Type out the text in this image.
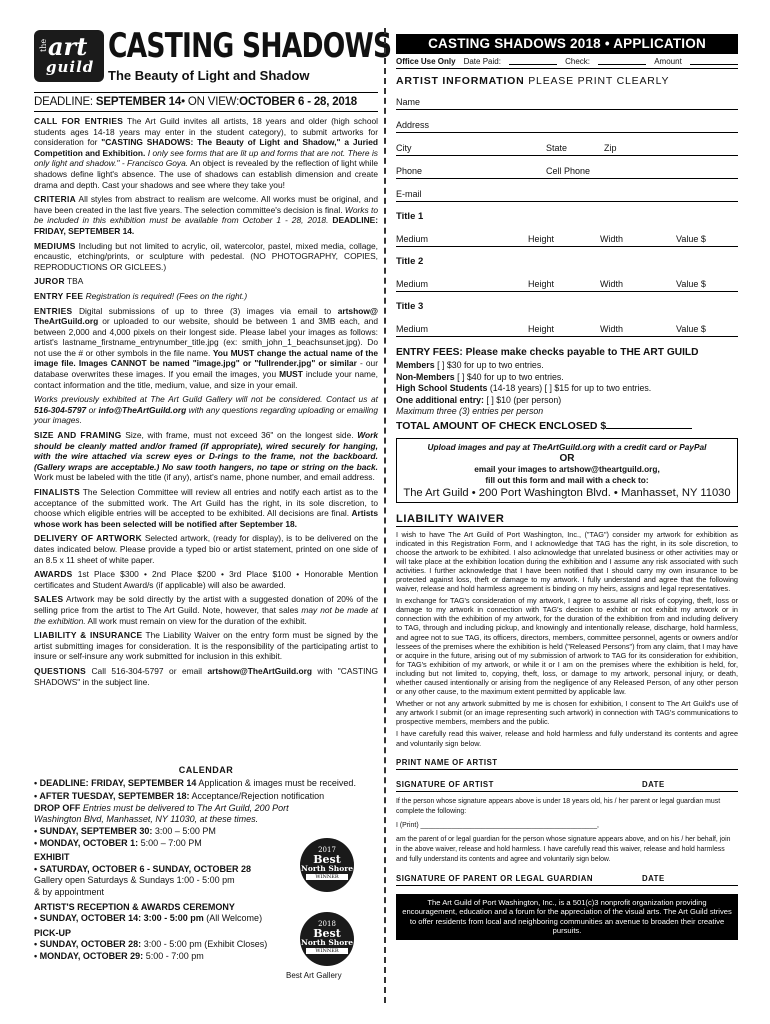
the art
guild
CASTING SHADOWS
The Beauty of Light and Shadow
DEADLINE:
SEPTEMBER 14 • ON VIEW: OCTOBER 6 - 28, 2018

CALL FOR ENTRIES The Art Guild invites all artists, 18 years and older (high school students ages 14-18 years may enter in the student category), to submit artworks for consideration for "CASTING SHADOWS: The Beauty of Light and Shadow," a Juried Competition and Exhibition. I only see forms that are lit up and forms that are not. There is only light and shadow." - Francisco Goya. An object is revealed by the reflection of light while shadows define light's absence. The use of shadows can establish dimension and create drama and depth. Cast your shadows and see where they take you!

CRITERIA All styles from abstract to realism are welcome. All works must be original, and have been created in the last five years. The selection committee's decision is final. Works to be included in this exhibition must be available from October 1 - 28, 2018. DEADLINE: FRIDAY, SEPTEMBER 14.

MEDIUMS Including but not limited to acrylic, oil, watercolor, pastel, mixed media, collage, encaustic, etching/prints, or sculpture with pedestal. (NO PHOTOGRAPHY, COPIES, REPRODUCTIONS OR GICLEES.)

JUROR TBA

ENTRY FEE Registration is required! (Fees on the right.)

ENTRIES Digital submissions of up to three (3) images via email to artshow@ TheArtGuild.org or uploaded to our website, should be between 1 and 3MB each, and between 2,000 and 4,000 pixels on their longest side. Please label your images as follows: artist's lastname_firstname_entrynumber_title.jpg (ex: smith_john_1_beachsunset.jpg). Do not use the # or other symbols in the file name. You MUST change the actual name of the image file. Images CANNOT be named "image.jpg" or "fullrender.jpg" or similar - our database overwrites these images. If you email the images, you MUST include your name, contact information and the title, medium, value, and size in your email.

Works previously exhibited at The Art Guild Gallery will not be considered. Contact us at 516-304-5797 or info@TheArtGuild.org with any questions regarding uploading or emailing your images.

SIZE AND FRAMING Size, with frame, must not exceed 36" on the longest side. Work should be cleanly matted and/or framed (if appropriate), wired securely for hanging, with the wire attached via screw eyes or D-rings to the frame, not the backboard. (Gallery wraps are acceptable.) No saw tooth hangers, no tape or string on the back. Work must be labeled with the title (if any), artist's name, phone number, and email address.

FINALISTS The Selection Committee will review all entries and notify each artist as to the acceptance of the submitted work. The Art Guild has the right, in its sole discretion, to choose which eligible entries will be accepted to be exhibited. All decisions are final. Artists whose work has been selected will be notified after September 18.

DELIVERY OF ARTWORK Selected artwork, (ready for display), is to be delivered on the dates indicated below. Please provide a typed bio or artist statement, printed on one side of an 8.5 x 11 sheet of white paper.

AWARDS 1st Place $300 • 2nd Place $200 • 3rd Place $100 • Honorable Mention certificates and Student Award/s (if applicable) will also be awarded.

SALES Artwork may be sold directly by the artist with a suggested donation of 20% of the selling price from the artist to The Art Guild. Note, however, that sales may not be made at the exhibition. All work must remain on view for the duration of the exhibit.

LIABILITY & INSURANCE The Liability Waiver on the entry form must be signed by the artist submitting images for consideration. It is the responsibility of the participating artist to insure or self-insure any work submitted for inclusion in this exhibit.

QUESTIONS Call 516-304-5797 or email artshow@TheArtGuild.org with "CASTING SHADOWS" in the subject line.

CALENDAR
• DEADLINE: FRIDAY, SEPTEMBER 14 Application & images must be received.
• AFTER TUESDAY, SEPTEMBER 18: Acceptance/Rejection notification
DROP OFF Entries must be delivered to The Art Guild, 200 Port Washington Blvd, Manhasset, NY 11030, at these times.
• SUNDAY, SEPTEMBER 30: 3:00 – 5:00 PM
• MONDAY, OCTOBER 1: 5:00 – 7:00 PM
EXHIBIT
• SATURDAY, OCTOBER 6 - SUNDAY, OCTOBER 28
Gallery open Saturdays & Sundays 1:00 - 5:00 pm
& by appointment
ARTIST'S RECEPTION & AWARDS CEREMONY
• SUNDAY, OCTOBER 14: 3:00 - 5:00 pm (All Welcome)
PICK-UP
• SUNDAY, OCTOBER 28: 3:00 - 5:00 pm (Exhibit Closes)
• MONDAY, OCTOBER 29: 5:00 - 7:00 pm
2017
Best
North Shore
WINNER
2018
Best
North Shore
WINNER
Best Art Gallery
CASTING SHADOWS 2018 • APPLICATION
Office Use Only Date Paid:	Check:	Amount
ARTIST INFORMATION PLEASE PRINT CLEARLY
Name
Address
City	State	Zip
Phone	Cell Phone
E-mail
Title 1
Medium	Height	Width	Value $
Title 2
Medium	Height	Width	Value $
Title 3
Medium	Height	Width	Value $
ENTRY FEES: Please make checks payable to THE ART GUILD
Members [ ] $30 for up to two entries.
Non-Members [ ] $40 for up to two entries.
High School Students (14-18 years) [ ] $15 for up to two entries.
One additional entry: [ ] $10 (per person)
Maximum three (3) entries per person
TOTAL AMOUNT OF CHECK ENCLOSED $
Upload images and pay at TheArtGuild.org with a credit card or PayPal
OR
email your images to artshow@theartguild.org,
fill out this form and mail with a check to:
The Art Guild • 200 Port Washington Blvd. • Manhasset, NY 11030
LIABILITY WAIVER

I wish to have The Art Guild of Port Washington, Inc., ("TAG") consider my artwork for exhibition as indicated in this Registration Form, and I acknowledge that TAG has the right, in its sole discretion, to choose the artwork to be exhibited. I also acknowledge that unrelated business or other activities may or will take place at the exhibition location during the exhibition and I assume any risk associated with such activities. I further acknowledge that I have been notified that I should carry my own insurance to be protected against loss, theft or damage to my artwork. I fully understand and agree that the following waiver, release and hold harmless agreement is binding on my heirs, assigns and legal representatives.

In exchange for TAG's consideration of my artwork, I agree to assume all risks of copying, theft, loss or damage to my artwork in connection with TAG's decision to exhibit or not exhibit my artwork or in connection with the exhibition of my artwork, for the duration of the exhibition from and including delivery to TAG, through and including pickup, and knowingly and intentionally release, discharge, hold harmless, and agree not to sue TAG, its officers, directors, members, committee personnel, agents or owners and/or lessees of the premises where the exhibition is held ("Released Persons") from any claim, that I may have or acquire in the future, arising out of my submission of artwork to TAG for its consideration for exhibition, for TAG's exhibition of my artwork, or while it or I am on the premises where the exhibition is held, for, including but not limited to, copying, theft, loss, or damage to my artwork, personal injury, or death, whether caused intentionally or arising from the negligence of any Released Person, of any other person or any other cause, to the maximum extent permitted by applicable law.

Whether or not any artwork submitted by me is chosen for exhibition, I consent to The Art Guild's use of any artwork I submit (or an image representing such artwork) in connection with TAG's communications to prospective members, members and the public.

I have carefully read this waiver, release and hold harmless and fully understand its contents and agree and voluntarily sign below.

PRINT NAME OF ARTIST
SIGNATURE OF ARTIST	DATE

If the person whose signature appears above is under 18 years old, his / her parent or legal guardian must complete the following:

I (Print) ______________________________________________,

am the parent of or legal guardian for the person whose signature appears above, and on his / her behalf, join in the above waiver, release and hold harmless. I have carefully read this waiver, release and hold harmless and fully understand its contents and agree and voluntarily sign below.

SIGNATURE OF PARENT OR LEGAL GUARDIAN	DATE
The Art Guild of Port Washington, Inc., is a 501(c)3 nonprofit organization providing encouragement, education and a forum for the appreciation of the visual arts. The Art Guild strives to offer residents from local and neighboring communities an avenue to broaden their creative pursuits.
